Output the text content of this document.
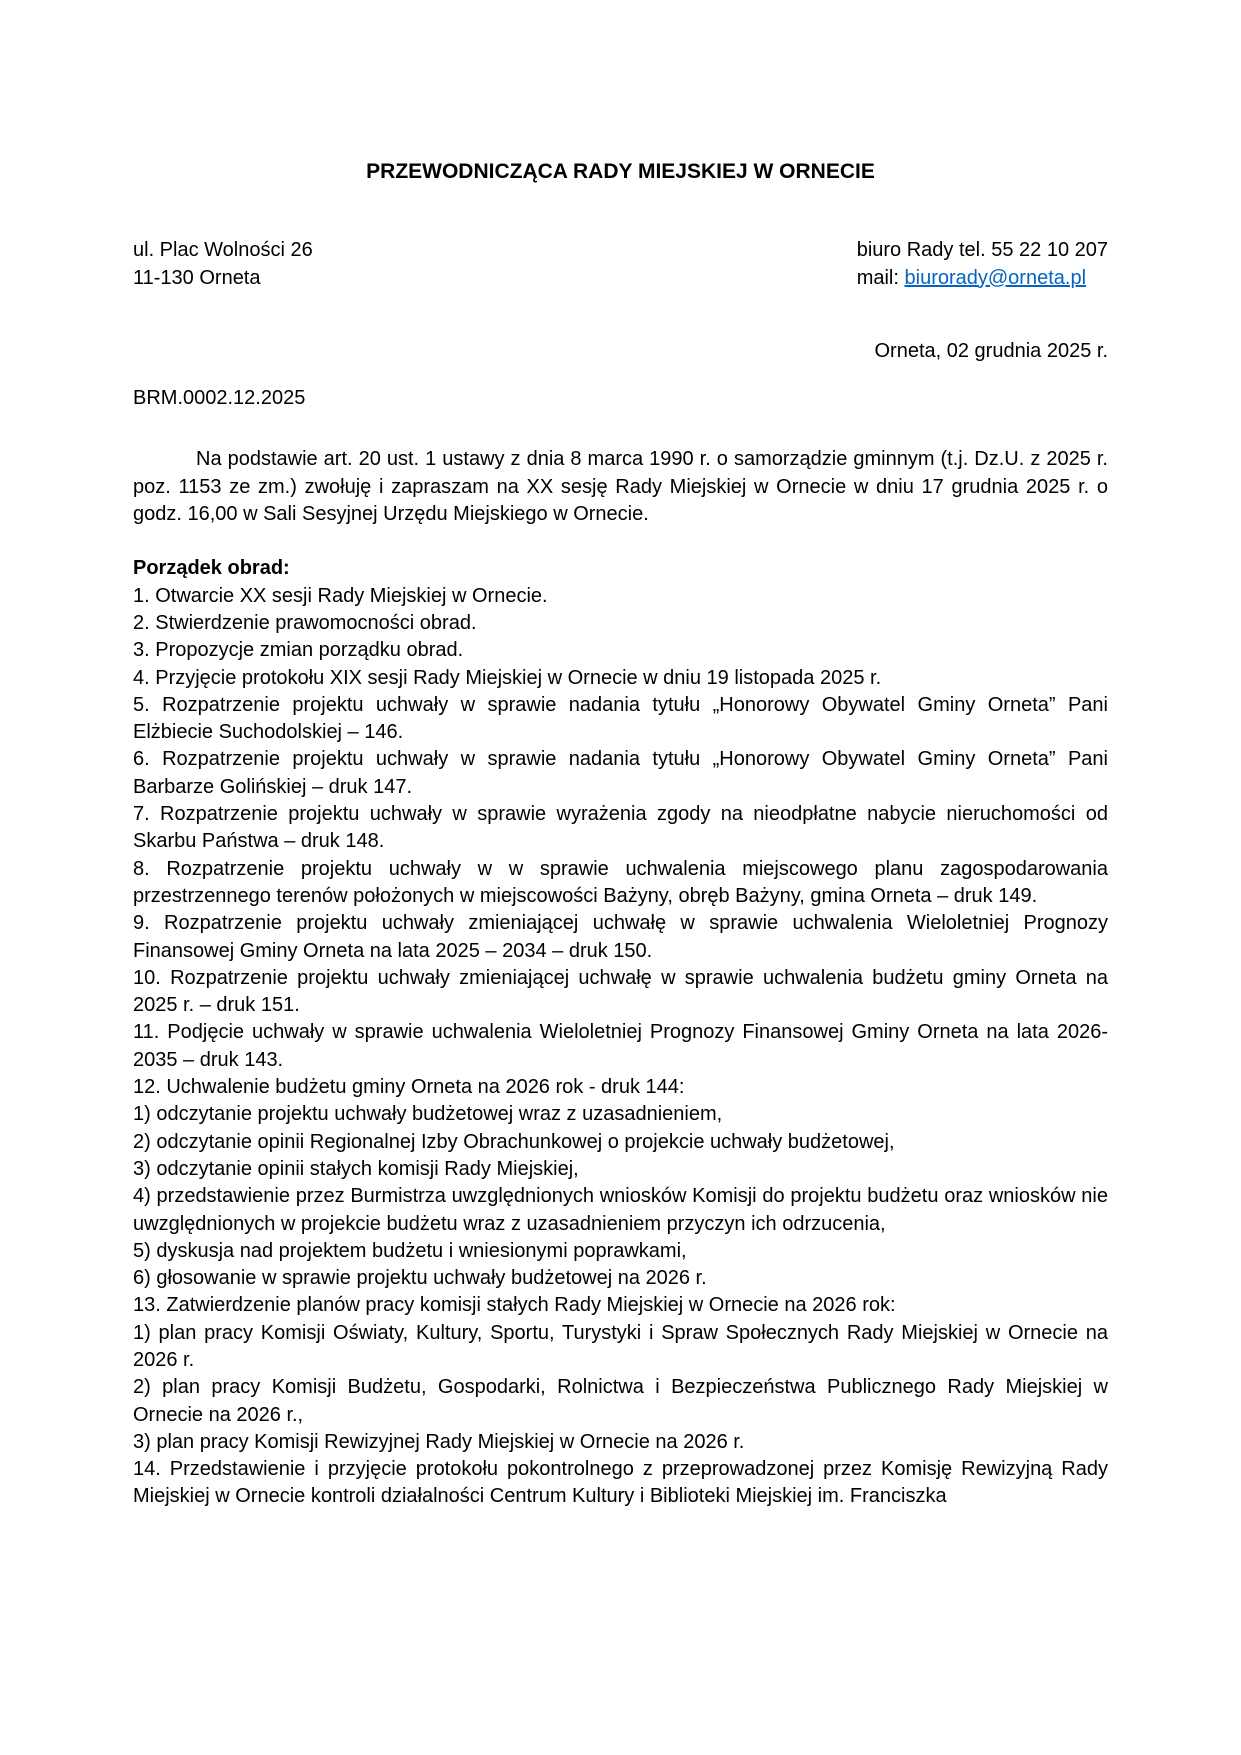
PRZEWODNICZĄCA RADY MIEJSKIEJ W ORNECIE

ul. Plac Wolności 26

11-130 Orneta

biuro Rady tel. 55 22 10 207

mail: biurorady@orneta.pl

Orneta, 02 grudnia 2025 r.

BRM.0002.12.2025

Na podstawie art. 20 ust. 1 ustawy z dnia 8 marca 1990 r. o samorządzie gminnym (t.j. Dz.U. z 2025 r. poz. 1153 ze zm.) zwołuję i zapraszam na XX sesję Rady Miejskiej w Ornecie w dniu 17 grudnia 2025 r. o godz. 16,00 w Sali Sesyjnej Urzędu Miejskiego w Ornecie.

Porządek obrad:

1. Otwarcie XX sesji Rady Miejskiej w Ornecie.

2. Stwierdzenie prawomocności obrad.

3. Propozycje zmian porządku obrad.

4. Przyjęcie protokołu XIX sesji Rady Miejskiej w Ornecie w dniu 19 listopada 2025 r.

5. Rozpatrzenie projektu uchwały w sprawie nadania tytułu „Honorowy Obywatel Gminy Orneta” Pani Elżbiecie Suchodolskiej – 146.

6. Rozpatrzenie projektu uchwały w sprawie nadania tytułu „Honorowy Obywatel Gminy Orneta” Pani Barbarze Golińskiej – druk 147.

7. Rozpatrzenie projektu uchwały w sprawie wyrażenia zgody na nieodpłatne nabycie nieruchomości od Skarbu Państwa – druk 148.

8. Rozpatrzenie projektu uchwały w w sprawie uchwalenia miejscowego planu zagospodarowania przestrzennego terenów położonych w miejscowości Bażyny, obręb Bażyny, gmina Orneta – druk 149.

9. Rozpatrzenie projektu uchwały zmieniającej uchwałę w sprawie uchwalenia Wieloletniej Prognozy Finansowej Gminy Orneta na lata 2025 – 2034 – druk 150.

10. Rozpatrzenie projektu uchwały zmieniającej uchwałę w sprawie uchwalenia budżetu gminy Orneta na 2025 r. – druk 151.

11. Podjęcie uchwały w sprawie uchwalenia Wieloletniej Prognozy Finansowej Gminy Orneta na lata 2026-2035 – druk 143.

12. Uchwalenie budżetu gminy Orneta na 2026 rok - druk 144:

1) odczytanie projektu uchwały budżetowej wraz z uzasadnieniem,

2) odczytanie opinii Regionalnej Izby Obrachunkowej o projekcie uchwały budżetowej,

3) odczytanie opinii stałych komisji Rady Miejskiej,

4) przedstawienie przez Burmistrza uwzględnionych wniosków Komisji do projektu budżetu oraz wniosków nie uwzględnionych w projekcie budżetu wraz z uzasadnieniem przyczyn ich odrzucenia,

5) dyskusja nad projektem budżetu i wniesionymi poprawkami,

6) głosowanie w sprawie projektu uchwały budżetowej na 2026 r.

13. Zatwierdzenie planów pracy komisji stałych Rady Miejskiej w Ornecie na 2026 rok:

1) plan pracy Komisji Oświaty, Kultury, Sportu, Turystyki i Spraw Społecznych Rady Miejskiej w Ornecie na 2026 r.

2) plan pracy Komisji Budżetu, Gospodarki, Rolnictwa i Bezpieczeństwa Publicznego Rady Miejskiej w Ornecie na 2026 r.,

3) plan pracy Komisji Rewizyjnej Rady Miejskiej w Ornecie na 2026 r.

14. Przedstawienie i przyjęcie protokołu pokontrolnego z przeprowadzonej przez Komisję Rewizyjną Rady Miejskiej w Ornecie kontroli działalności Centrum Kultury i Biblioteki Miejskiej im. Franciszka
